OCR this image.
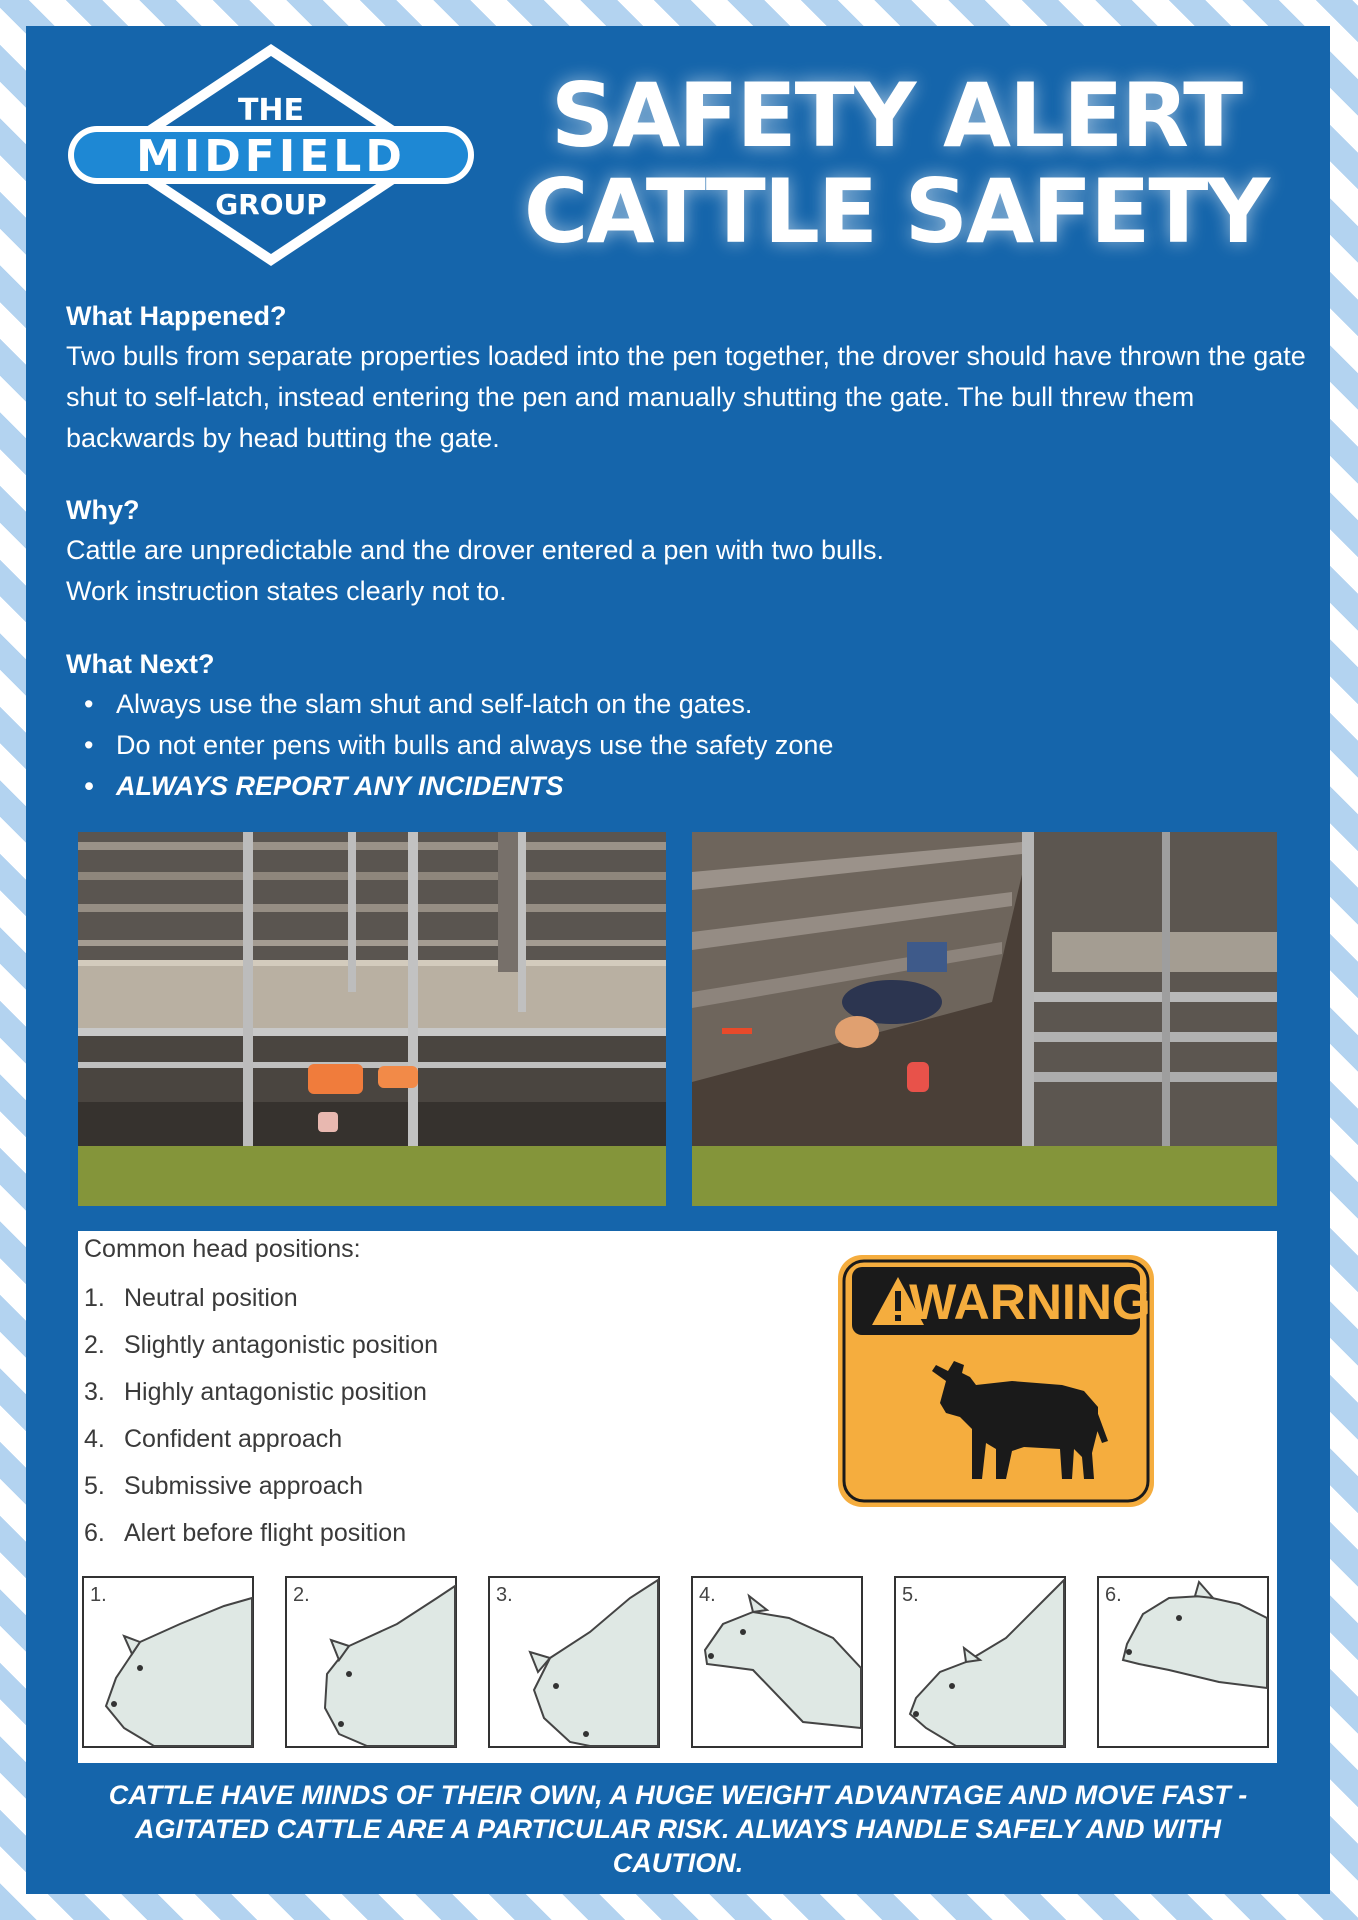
THE
MIDFIELD
GROUP
SAFETY ALERT
CATTLE SAFETY
What Happened?

Two bulls from separate properties loaded into the pen together, the drover should have thrown the gate shut to self-latch, instead entering the pen and manually shutting the gate. The bull threw them backwards by head butting the gate.

Why?

Cattle are unpredictable and the drover entered a pen with two bulls.

Work instruction states clearly not to.

What Next?
• Always use the slam shut and self-latch on the gates.
• Do not enter pens with bulls and always use the safety zone
• ALWAYS REPORT ANY INCIDENTS
Common head positions:
1. Neutral position
2. Slightly antagonistic position
3. Highly antagonistic position
4. Confident approach
5. Submissive approach
6. Alert before flight position
WARNING
1.	2.	3.	4.	5.	6.
CATTLE HAVE MINDS OF THEIR OWN, A HUGE WEIGHT ADVANTAGE AND MOVE FAST -
AGITATED CATTLE ARE A PARTICULAR RISK. ALWAYS HANDLE SAFELY AND WITH
CAUTION.
